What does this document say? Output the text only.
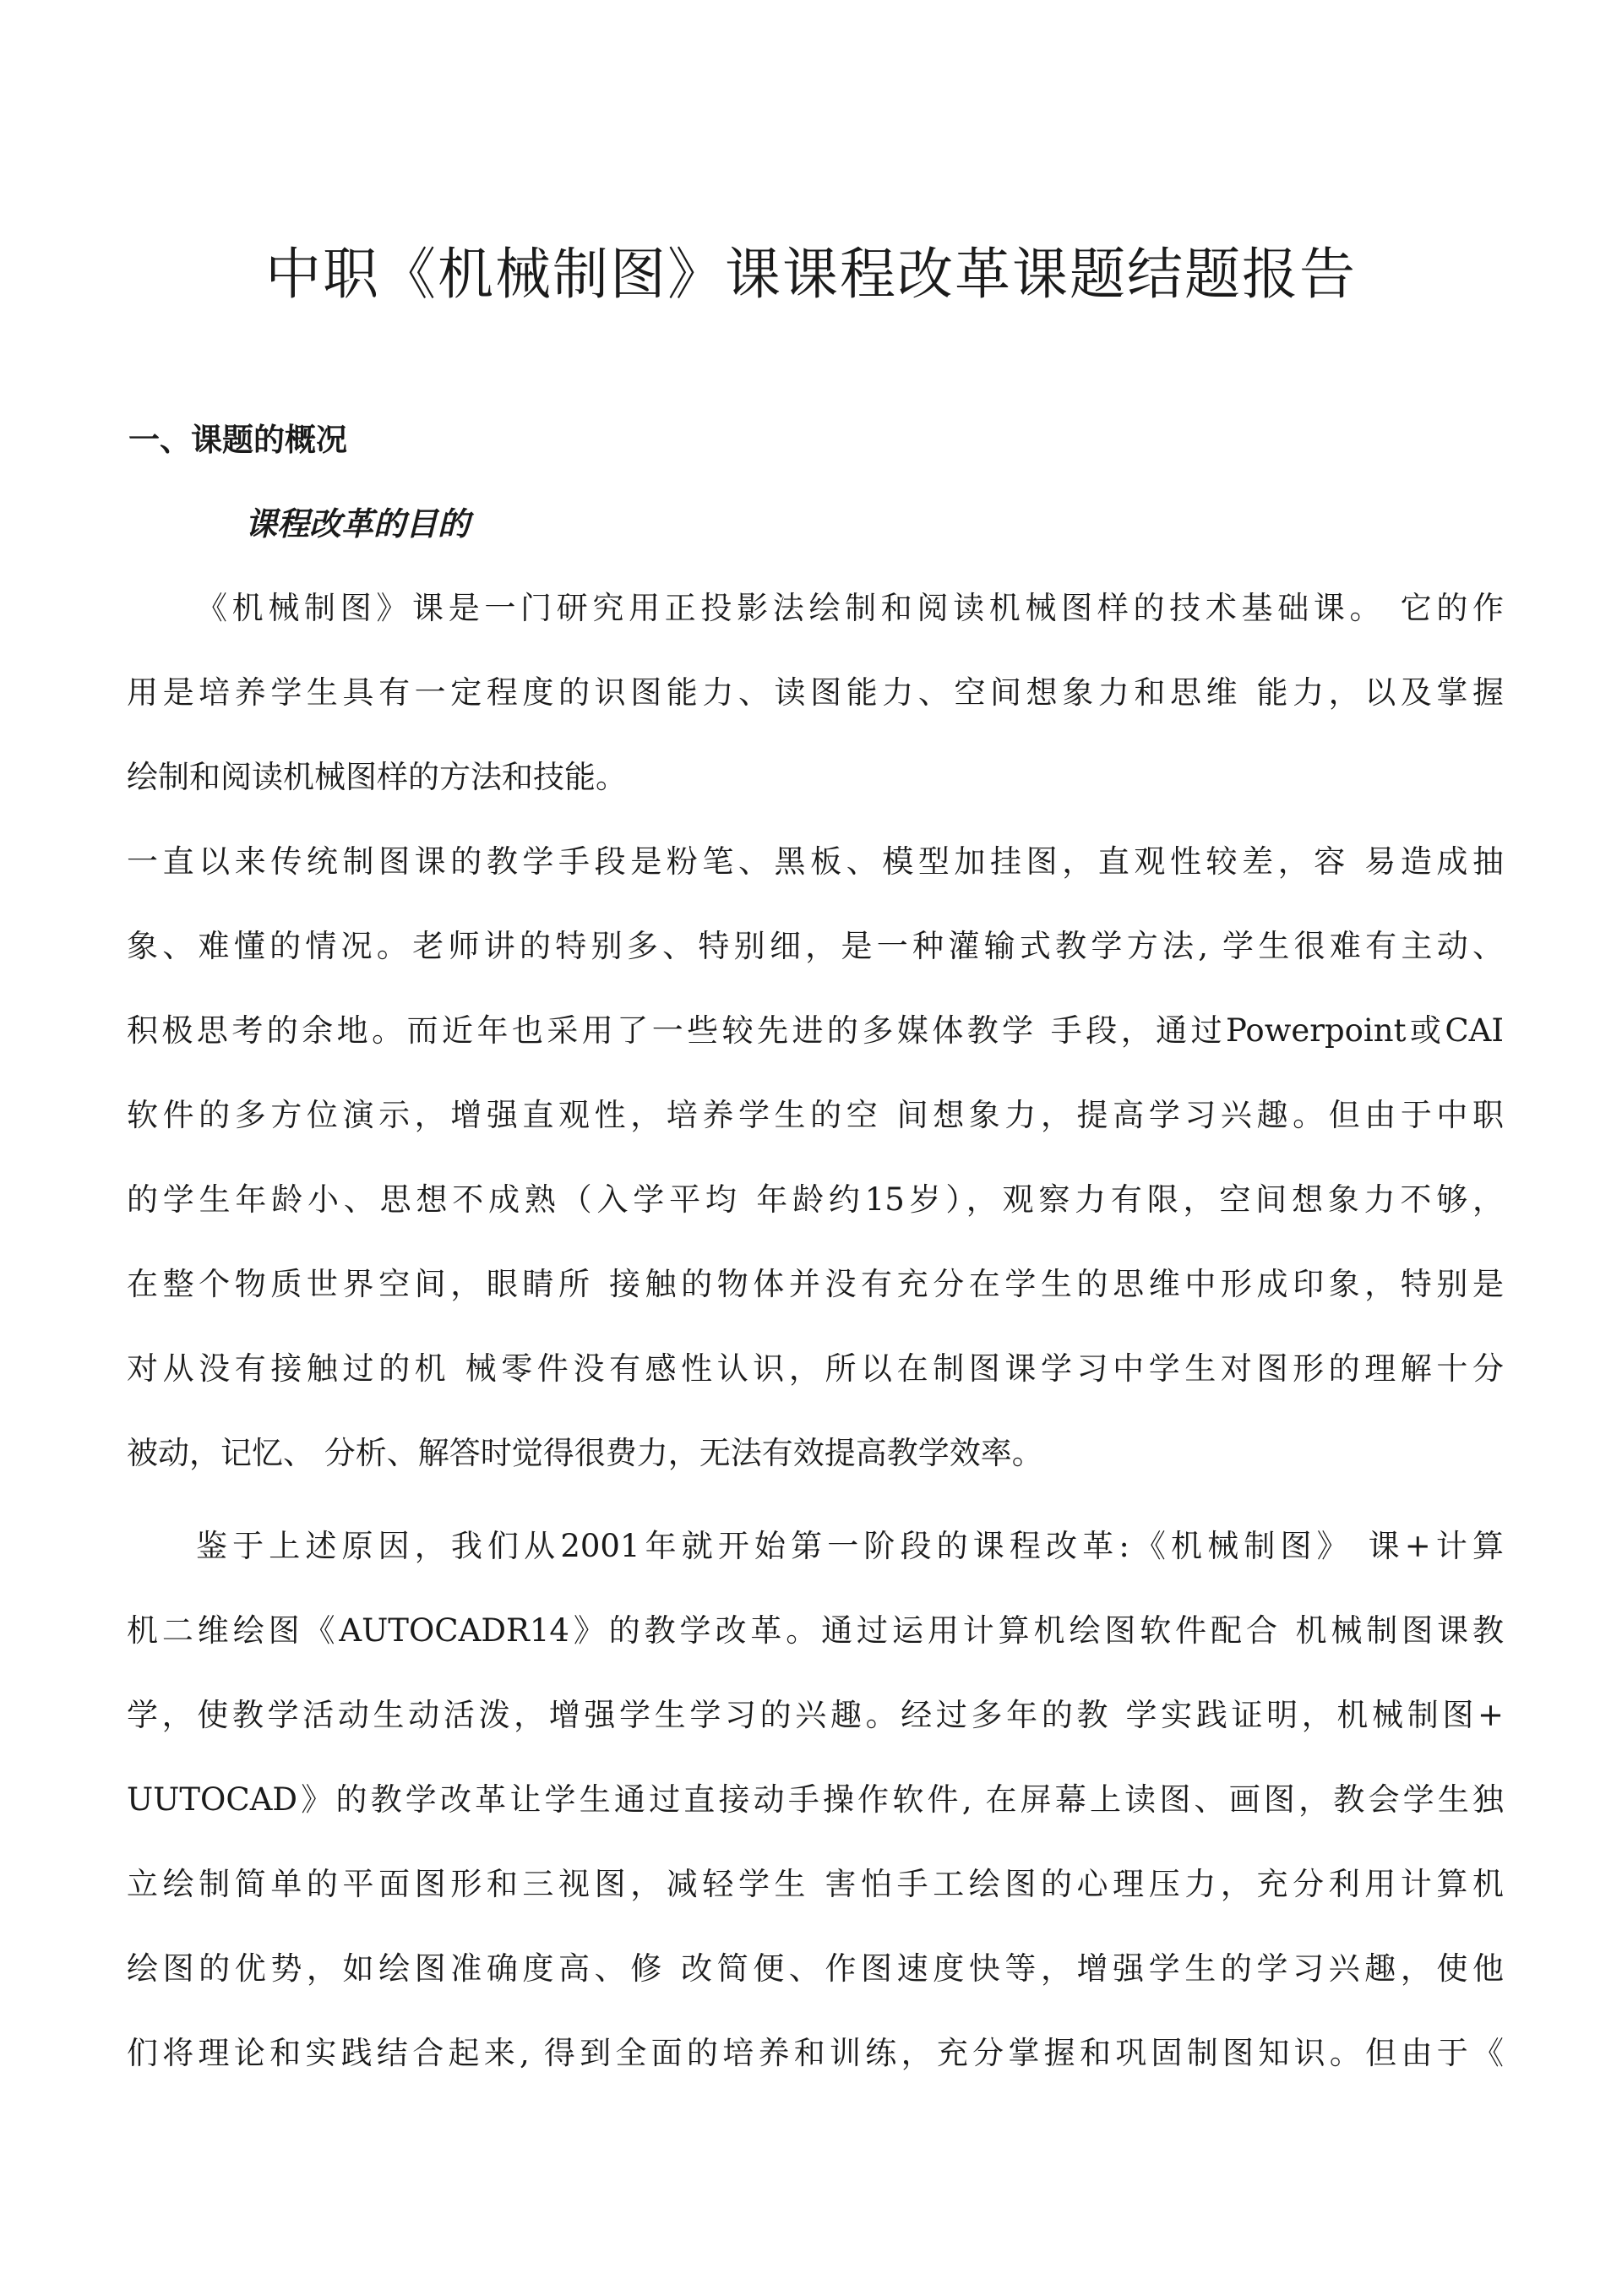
中职《机械制图》课课程改革课题结题报告
一、课题的概况
课程改革的目的

《机械制图》课是一门研究用正投影法绘制和阅读机械图样的技术基础课。 它的作

用是培养学生具有一定程度的识图能力、读图能力、空间想象力和思维 能力，以及掌握

绘制和阅读机械图样的方法和技能。

一直以来传统制图课的教学手段是粉笔、黑板、模型加挂图，直观性较差，容 易造成抽

象、难懂的情况。老师讲的特别多、特别细，是一种灌输式教学方法, 学生很难有主动、

积极思考的余地。而近年也采用了一些较先进的多媒体教学 手段，通过Powerpoint或CAI

软件的多方位演示，增强直观性，培养学生的空 间想象力，提高学习兴趣。但由于中职

的学生年龄小、思想不成熟（入学平均 年龄约15岁），观察力有限，空间想象力不够，

在整个物质世界空间，眼睛所 接触的物体并没有充分在学生的思维中形成印象，特别是

对从没有接触过的机 械零件没有感性认识，所以在制图课学习中学生对图形的理解十分

被动，记忆、 分析、解答时觉得很费力，无法有效提高教学效率。

鉴于上述原因，我们从2001年就开始第一阶段的课程改革:《机械制图》 课+计算

机二维绘图《AUTOCADR14》的教学改革。通过运用计算机绘图软件配合 机械制图课教

学，使教学活动生动活泼，增强学生学习的兴趣。经过多年的教 学实践证明，机械制图+

UUTOCAD》的教学改革让学生通过直接动手操作软件, 在屏幕上读图、画图，教会学生独

立绘制简单的平面图形和三视图，减轻学生 害怕手工绘图的心理压力，充分利用计算机

绘图的优势，如绘图准确度高、修 改简便、作图速度快等，增强学生的学习兴趣，使他

们将理论和实践结合起来, 得到全面的培养和训练，充分掌握和巩固制图知识。但由于《
